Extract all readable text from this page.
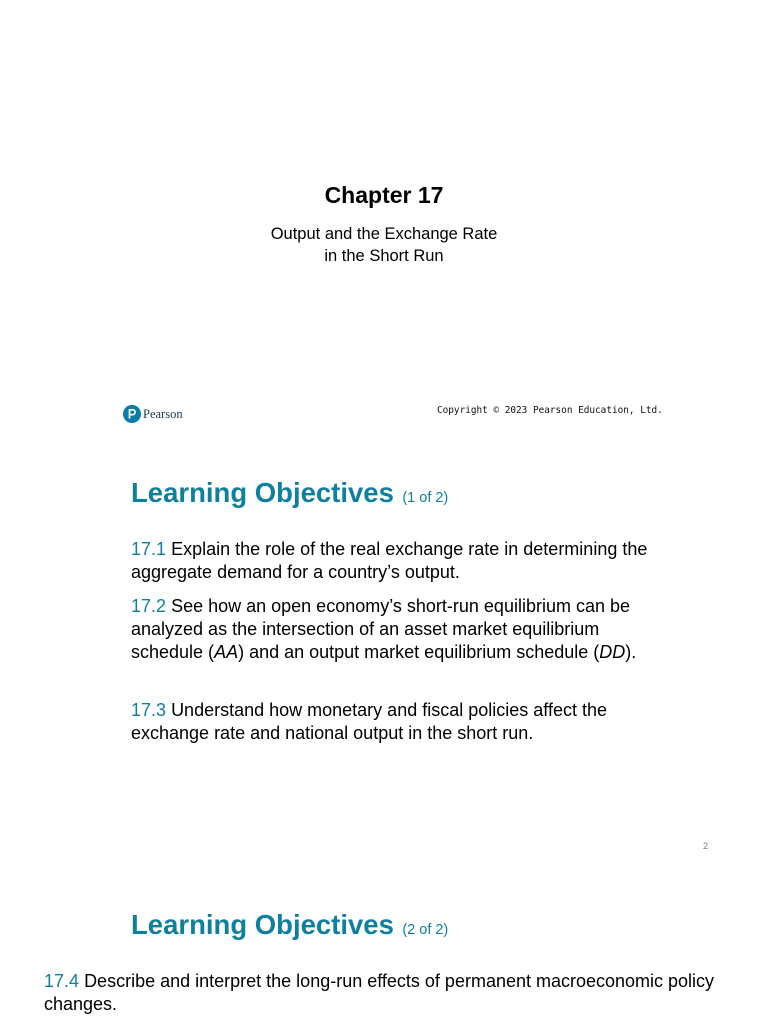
Chapter 17
Output and the Exchange Rate
in the Short Run
Pearson	Copyright © 2023 Pearson Education, Ltd.
Learning Objectives (1 of 2)
17.1 Explain the role of the real exchange rate in determining the aggregate demand for a country’s output.
17.2 See how an open economy’s short-run equilibrium can be analyzed as the intersection of an asset market equilibrium schedule (AA) and an output market equilibrium schedule (DD).
17.3 Understand how monetary and fiscal policies affect the exchange rate and national output in the short run.
2
Learning Objectives (2 of 2)
17.4 Describe and interpret the long-run effects of permanent macroeconomic policy changes.
